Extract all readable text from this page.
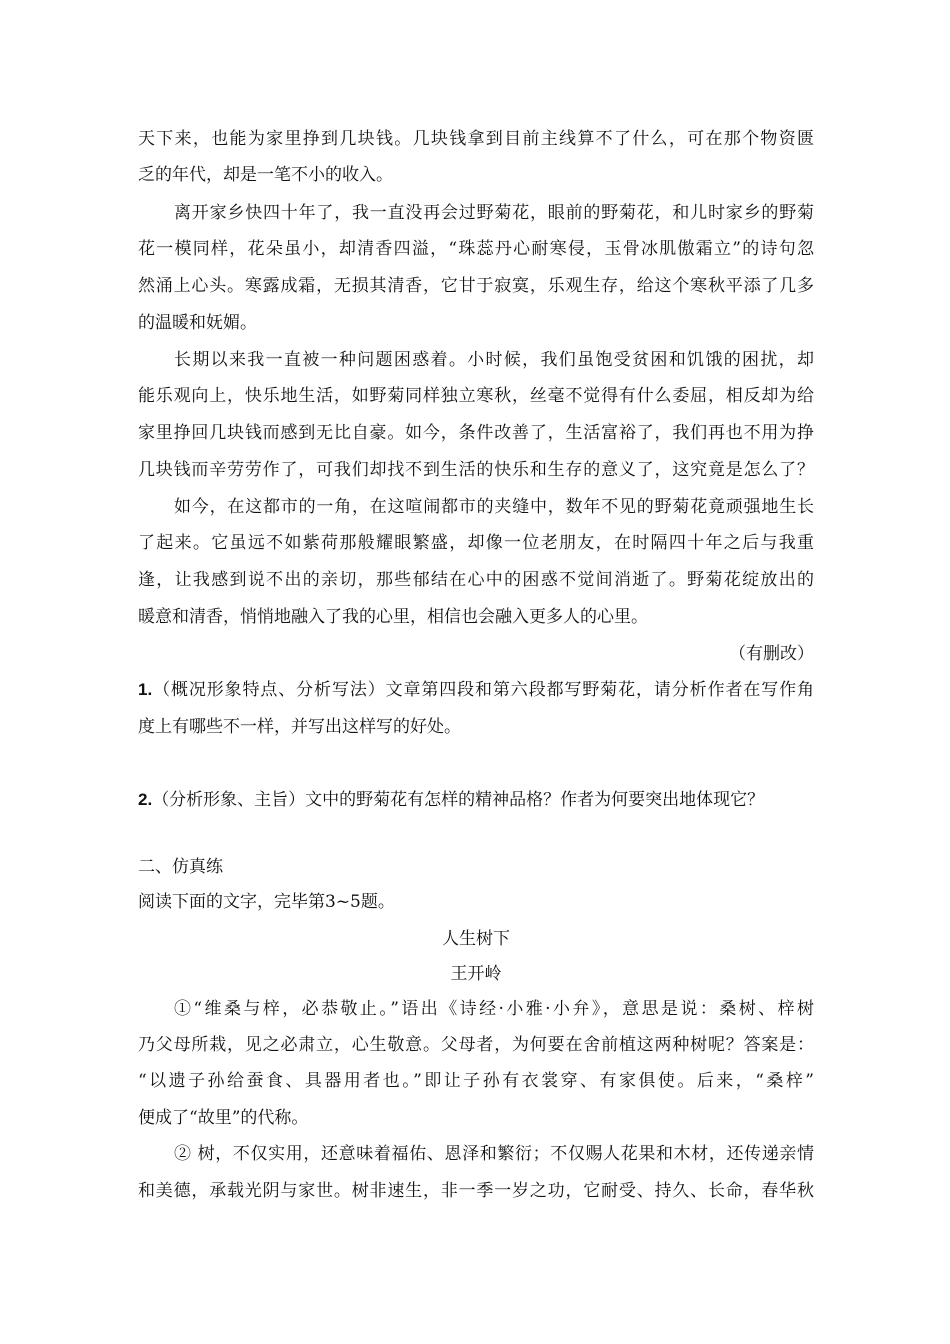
天下来，也能为家里挣到几块钱。几块钱拿到目前主线算不了什么，可在那个物资匮
乏的年代，却是一笔不小的收入。
离开家乡快四十年了，我一直没再会过野菊花，眼前的野菊花，和儿时家乡的野菊
花一模同样，花朵虽小，却清香四溢，“珠蕊丹心耐寒侵，玉骨冰肌傲霜立”的诗句忽
然涌上心头。寒露成霜，无损其清香，它甘于寂寞，乐观生存，给这个寒秋平添了几多
的温暖和妩媚。
长期以来我一直被一种问题困惑着。小时候，我们虽饱受贫困和饥饿的困扰，却
能乐观向上，快乐地生活，如野菊同样独立寒秋，丝毫不觉得有什么委屈，相反却为给
家里挣回几块钱而感到无比自豪。如今，条件改善了，生活富裕了，我们再也不用为挣
几块钱而辛劳劳作了，可我们却找不到生活的快乐和生存的意义了，这究竟是怎么了？
如今，在这都市的一角，在这喧闹都市的夹缝中，数年不见的野菊花竟顽强地生长
了起来。它虽远不如紫荷那般耀眼繁盛，却像一位老朋友，在时隔四十年之后与我重
逢，让我感到说不出的亲切，那些郁结在心中的困惑不觉间消逝了。野菊花绽放出的
暖意和清香，悄悄地融入了我的心里，相信也会融入更多人的心里。
（有删改）
1.（概况形象特点、分析写法）文章第四段和第六段都写野菊花，请分析作者在写作角
度上有哪些不一样，并写出这样写的好处。
2.（分析形象、主旨）文中的野菊花有怎样的精神品格？作者为何要突出地体现它？
二、仿真练
阅读下面的文字，完毕第3~5题。
人生树下
王开岭
①“维桑与梓，必恭敬止。”语出《诗经·小雅·小弁》，意思是说：桑树、梓树
乃父母所栽，见之必肃立，心生敬意。父母者，为何要在舍前植这两种树呢？答案是：
“以遗子孙给蚕食、具器用者也。”即让子孙有衣裳穿、有家俱使。后来，“桑梓”
便成了“故里”的代称。
② 树，不仅实用，还意味着福佑、恩泽和繁衍；不仅赐人花果和木材，还传递亲情
和美德，承载光阴与家世。树非速生，非一季一岁之功，它耐受、持久、长命，春华秋
